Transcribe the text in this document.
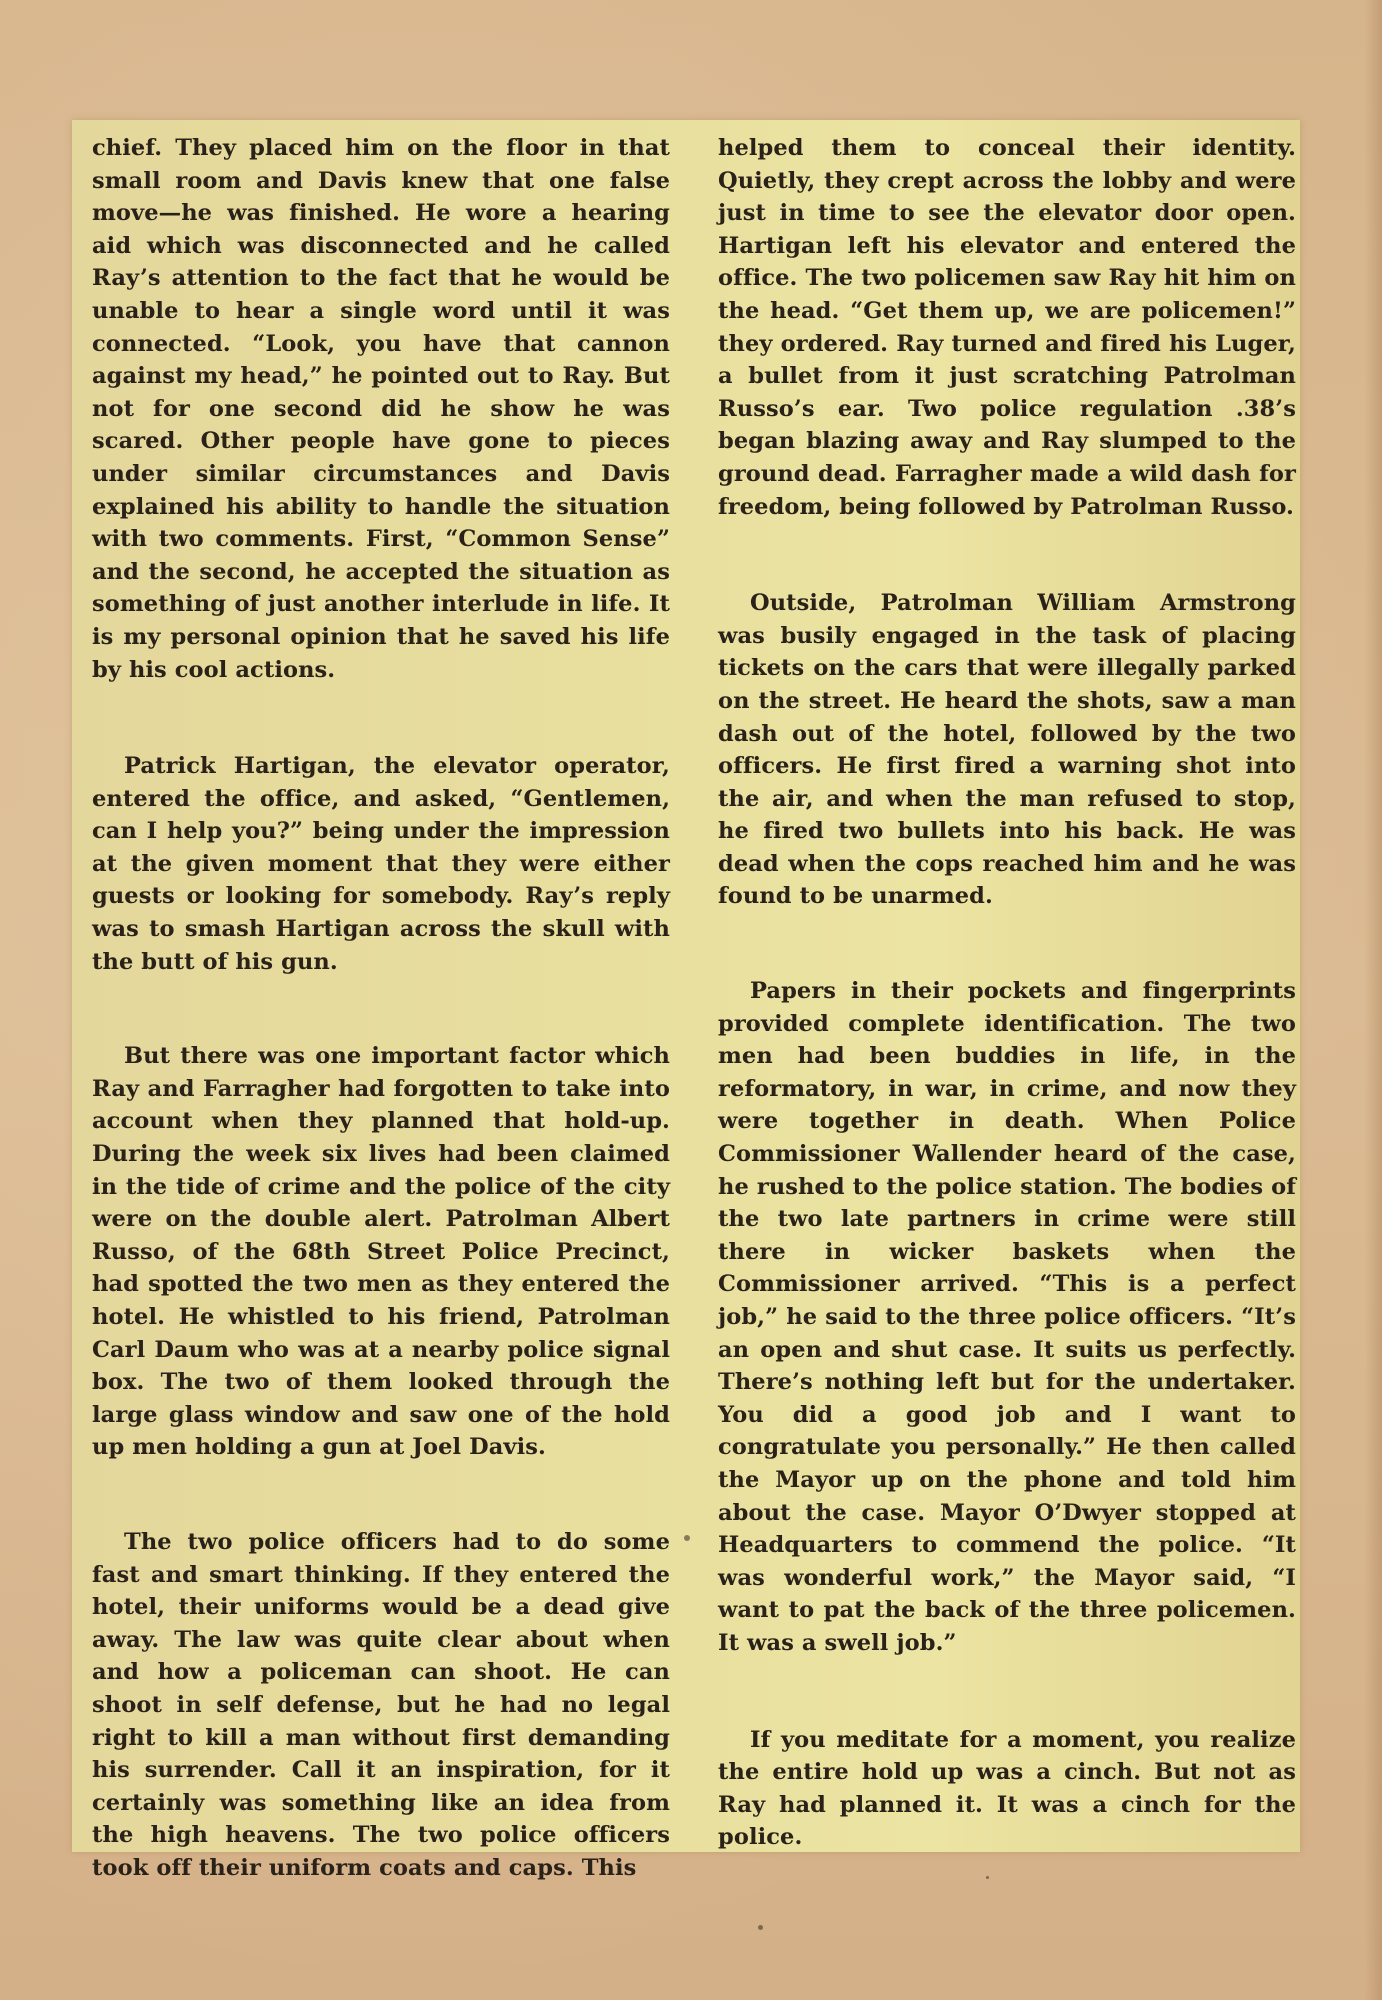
chief. They placed him on the floor in that small room and Davis knew that one false move—he was finished. He wore a hearing aid which was disconnected and he called Ray’s attention to the fact that he would be unable to hear a single word until it was connected. “Look, you have that cannon against my head,” he pointed out to Ray. But not for one second did he show he was scared. Other people have gone to pieces under similar circumstances and Davis explained his ability to handle the situation with two comments. First, “Common Sense” and the second, he accepted the situation as something of just another interlude in life. It is my personal opinion that he saved his life by his cool actions.

Patrick Hartigan, the elevator operator, entered the office, and asked, “Gentlemen, can I help you?” being under the impression at the given moment that they were either guests or looking for somebody. Ray’s reply was to smash Hartigan across the skull with the butt of his gun.

But there was one important factor which Ray and Farragher had forgotten to take into account when they planned that hold-up. During the week six lives had been claimed in the tide of crime and the police of the city were on the double alert. Patrolman Albert Russo, of the 68th Street Police Precinct, had spotted the two men as they entered the hotel. He whistled to his friend, Patrolman Carl Daum who was at a nearby police signal box. The two of them looked through the large glass window and saw one of the hold up men holding a gun at Joel Davis.

The two police officers had to do some fast and smart thinking. If they entered the hotel, their uniforms would be a dead give away. The law was quite clear about when and how a policeman can shoot. He can shoot in self defense, but he had no legal right to kill a man without first demanding his surrender. Call it an inspiration, for it certainly was something like an idea from the high heavens. The two police officers took off their uniform coats and caps. This

helped them to conceal their identity. Quietly, they crept across the lobby and were just in time to see the elevator door open. Hartigan left his elevator and entered the office. The two policemen saw Ray hit him on the head. “Get them up, we are policemen!” they ordered. Ray turned and fired his Luger, a bullet from it just scratching Patrolman Russo’s ear. Two police regulation .38’s began blazing away and Ray slumped to the ground dead. Farragher made a wild dash for freedom, being followed by Patrolman Russo.

Outside, Patrolman William Armstrong was busily engaged in the task of placing tickets on the cars that were illegally parked on the street. He heard the shots, saw a man dash out of the hotel, followed by the two officers. He first fired a warning shot into the air, and when the man refused to stop, he fired two bullets into his back. He was dead when the cops reached him and he was found to be unarmed.

Papers in their pockets and fingerprints provided complete identification. The two men had been buddies in life, in the reformatory, in war, in crime, and now they were together in death. When Police Commissioner Wallender heard of the case, he rushed to the police station. The bodies of the two late partners in crime were still there in wicker baskets when the Commissioner arrived. “This is a perfect job,” he said to the three police officers. “It’s an open and shut case. It suits us perfectly. There’s nothing left but for the undertaker. You did a good job and I want to congratulate you personally.” He then called the Mayor up on the phone and told him about the case. Mayor O’Dwyer stopped at Headquarters to commend the police. “It was wonderful work,” the Mayor said, “I want to pat the back of the three policemen. It was a swell job.”

If you meditate for a moment, you realize the entire hold up was a cinch. But not as Ray had planned it. It was a cinch for the police.
